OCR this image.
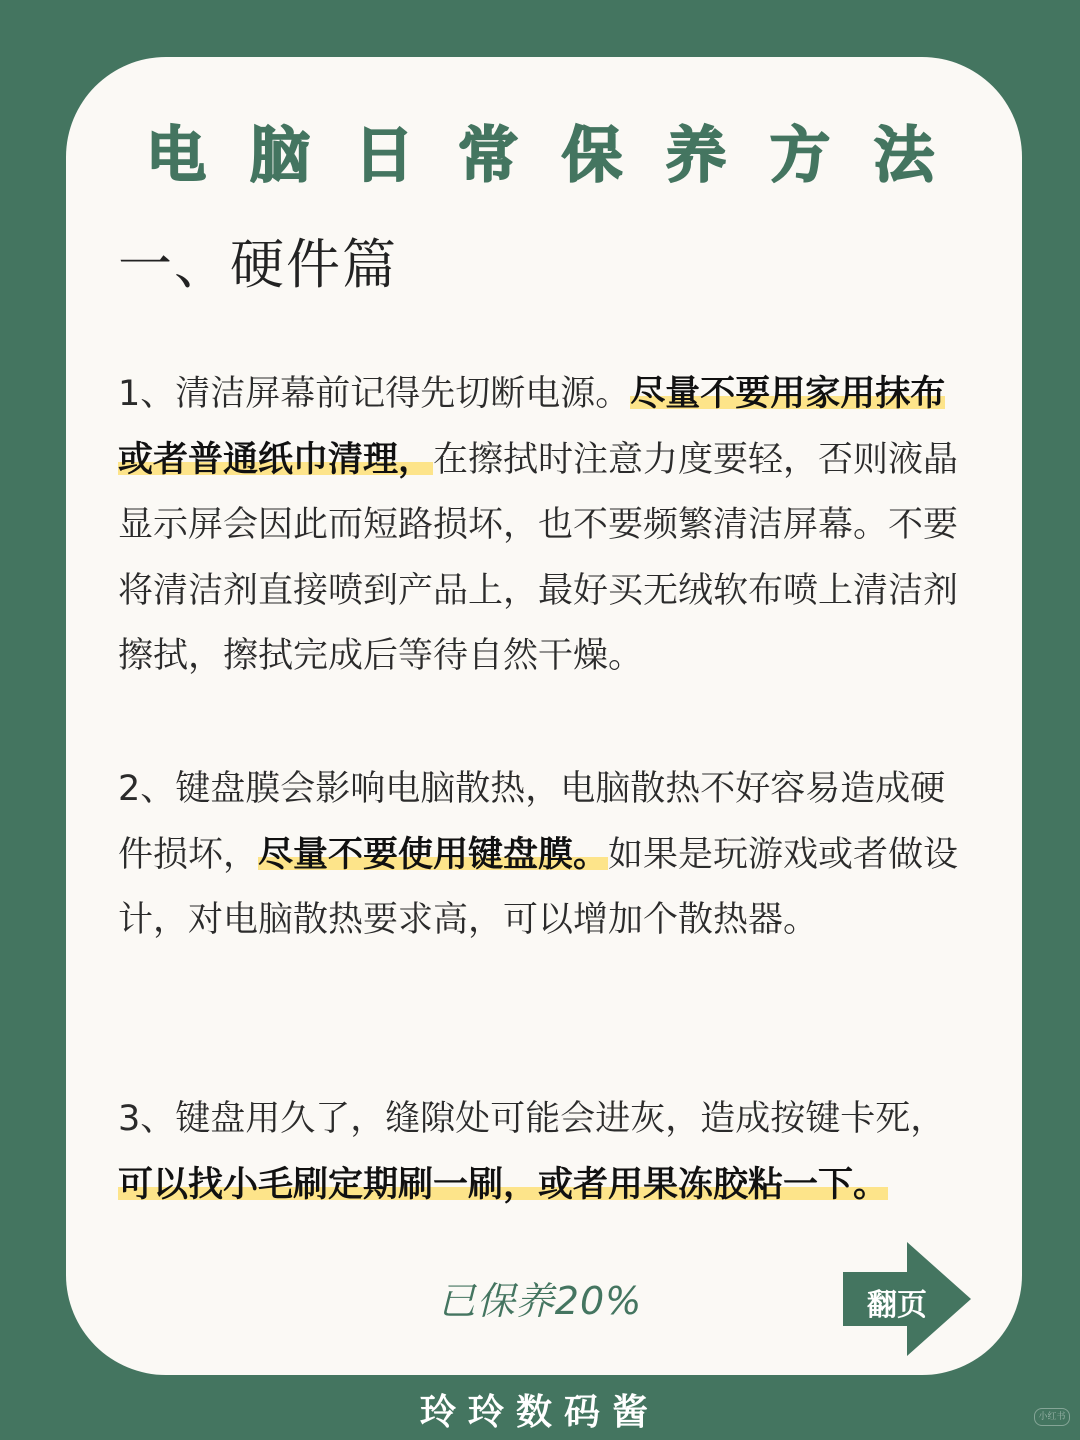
电 脑 日 常 保 养 方 法
一、硬件篇
1、清洁屏幕前记得先切断电源。尽量不要用家用抹布或者普通纸巾清理，在擦拭时注意力度要轻，否则液晶显示屏会因此而短路损坏，也不要频繁清洁屏幕。不要将清洁剂直接喷到产品上，最好买无绒软布喷上清洁剂擦拭，擦拭完成后等待自然干燥。
2、键盘膜会影响电脑散热，电脑散热不好容易造成硬件损坏，尽量不要使用键盘膜。如果是玩游戏或者做设计，对电脑散热要求高，可以增加个散热器。
3、键盘用久了，缝隙处可能会进灰，造成按键卡死，可以找小毛刷定期刷一刷，或者用果冻胶粘一下。
已保养20%	翻页
玲玲数码酱	小红书
